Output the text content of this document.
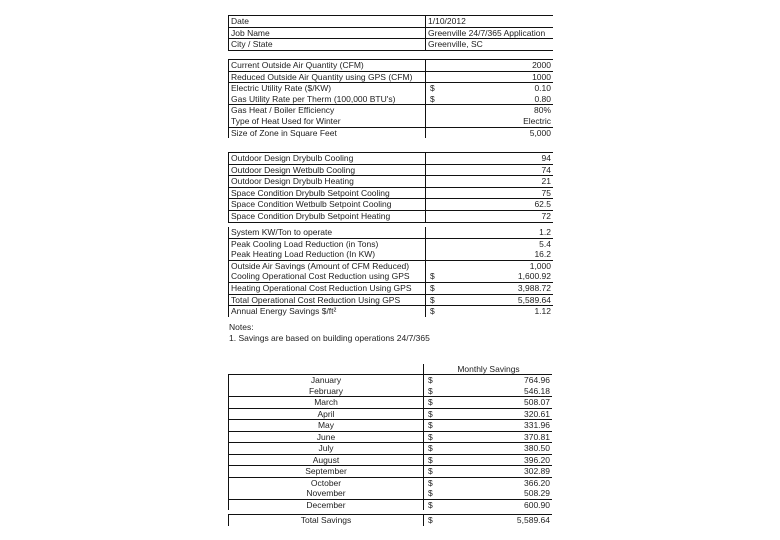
Date	1/10/2012
Job Name	Greenville 24/7/365 Application
City / State	Greenville, SC
Current Outside Air Quantity (CFM)	2000
Reduced Outside Air Quantity using GPS (CFM)	1000
Electric Utility Rate ($/KW)	$	0.10
Gas Utility Rate per Therm (100,000 BTU's)	$	0.80
Gas Heat / Boiler Efficiency	80%
Type of Heat Used for Winter	Electric
Size of Zone in Square Feet	5,000
Outdoor Design Drybulb Cooling	94
Outdoor Design Wetbulb Cooling	74
Outdoor Design Drybulb Heating	21
Space Condition Drybulb Setpoint Cooling	75
Space Condition Wetbulb Setpoint Cooling	62.5
Space Condition Drybulb Setpoint Heating	72
System KW/Ton to operate	1.2
Peak Cooling Load Reduction (in Tons)	5.4
Peak Heating Load Reduction (In KW)	16.2
Outside Air Savings (Amount of CFM Reduced)	1,000
Cooling Operational Cost Reduction using GPS	$	1,600.92
Heating Operational Cost Reduction Using GPS	$	3,988.72
Total Operational Cost Reduction Using GPS	$	5,589.64
Annual Energy Savings $/ft²	$	1.12
Notes:
1. Savings are based on building operations 24/7/365
Monthly Savings
January	$	764.96
February	$	546.18
March	$	508.07
April	$	320.61
May	$	331.96
June	$	370.81
July	$	380.50
August	$	396.20
September	$	302.89
October	$	366.20
November	$	508.29
December	$	600.90
Total Savings	$	5,589.64
